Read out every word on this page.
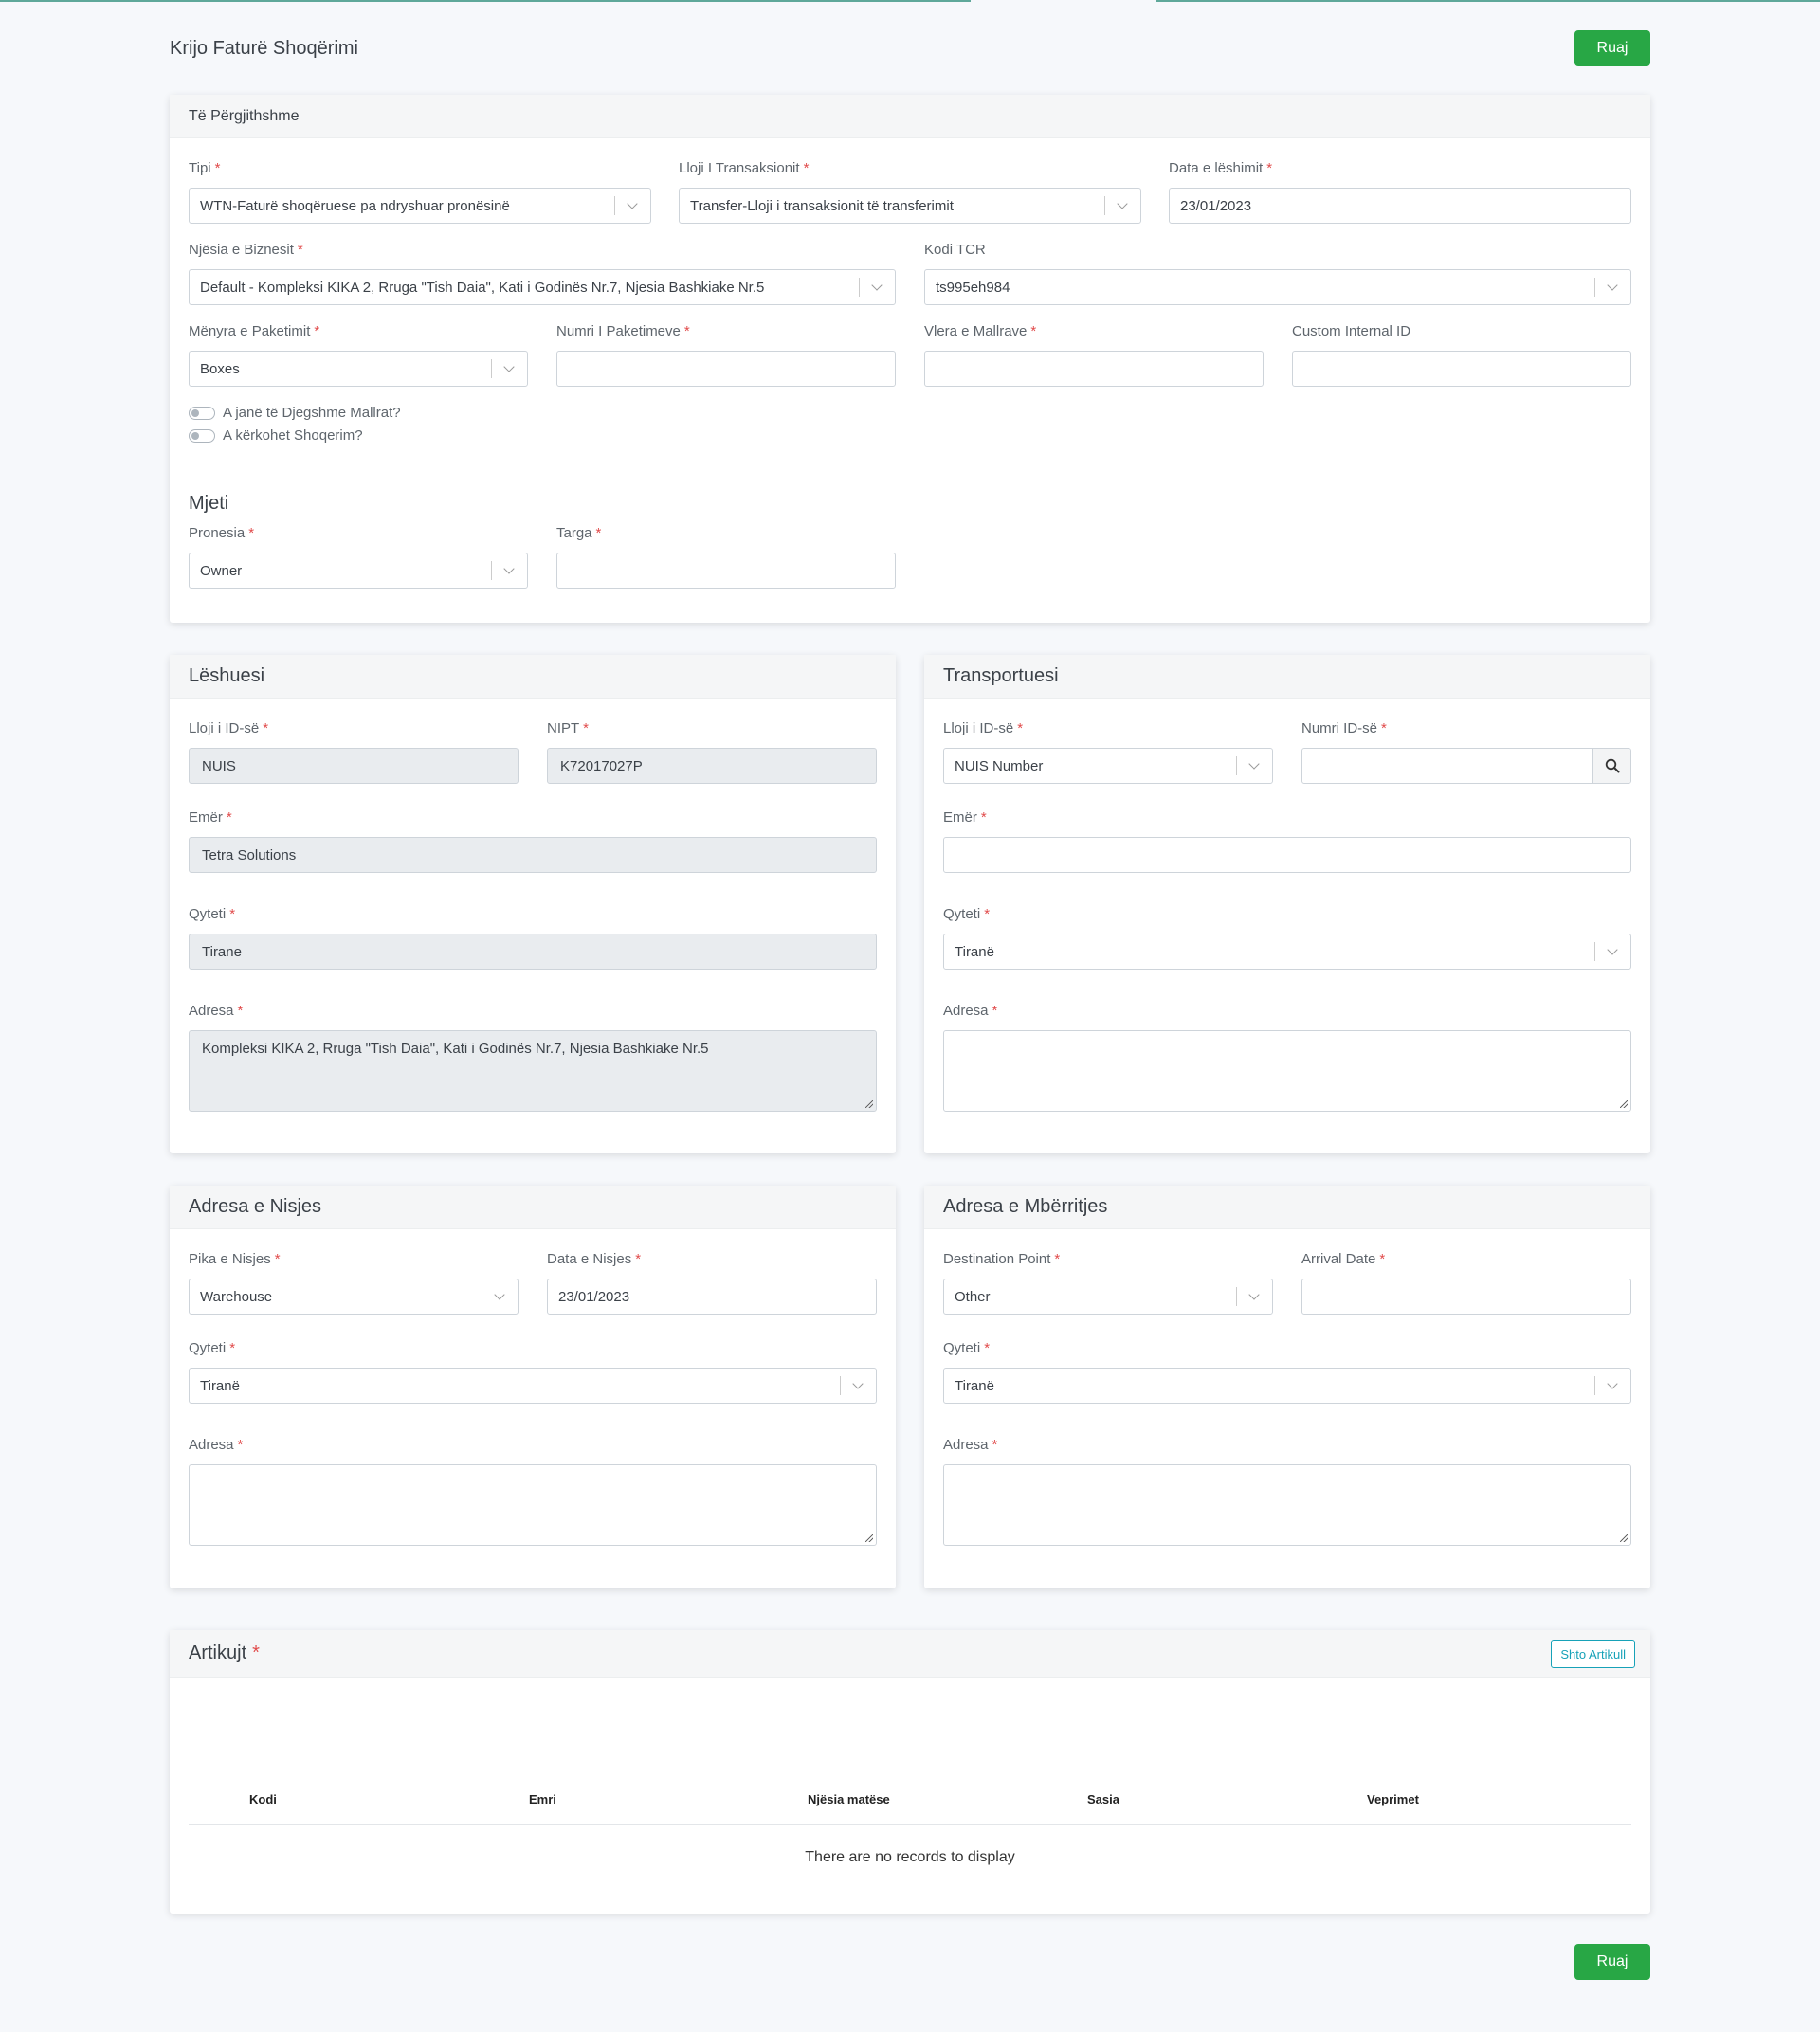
Krijo Faturë Shoqërimi	Ruaj
Të Përgjithshme
Tipi *
WTN-Faturë shoqëruese pa ndryshuar pronësinë
Lloji I Transaksionit *
Transfer-Lloji i transaksionit të transferimit
Data e lëshimit *
23/01/2023
Njësia e Biznesit *
Default - Kompleksi KIKA 2, Rruga "Tish Daia", Kati i Godinës Nr.7, Njesia Bashkiake Nr.5
Kodi TCR
ts995eh984
Mënyra e Paketimit *
Boxes
Numri I Paketimeve *	Vlera e Mallrave *	Custom Internal ID
A janë të Djegshme Mallrat?
A kërkohet Shoqerim?
Mjeti
Pronesia *
Owner
Targa *
Lëshuesi
Lloji i ID-së *
NUIS
NIPT *
K72017027P
Emër *
Tetra Solutions
Qyteti *
Tirane
Adresa *
Kompleksi KIKA 2, Rruga "Tish Daia", Kati i Godinës Nr.7, Njesia Bashkiake Nr.5
Transportuesi
Lloji i ID-së *
NUIS Number
Numri ID-së *
Emër *
Qyteti *
Tiranë
Adresa *
Adresa e Nisjes
Pika e Nisjes *
Warehouse
Data e Nisjes *
23/01/2023
Qyteti *
Tiranë
Adresa *
Adresa e Mbërritjes
Destination Point *
Other
Arrival Date *
Qyteti *
Tiranë
Adresa *
Artikujt *	Shto Artikull
Kodi	Emri	Njësia matëse	Sasia	Veprimet
There are no records to display
Ruaj
